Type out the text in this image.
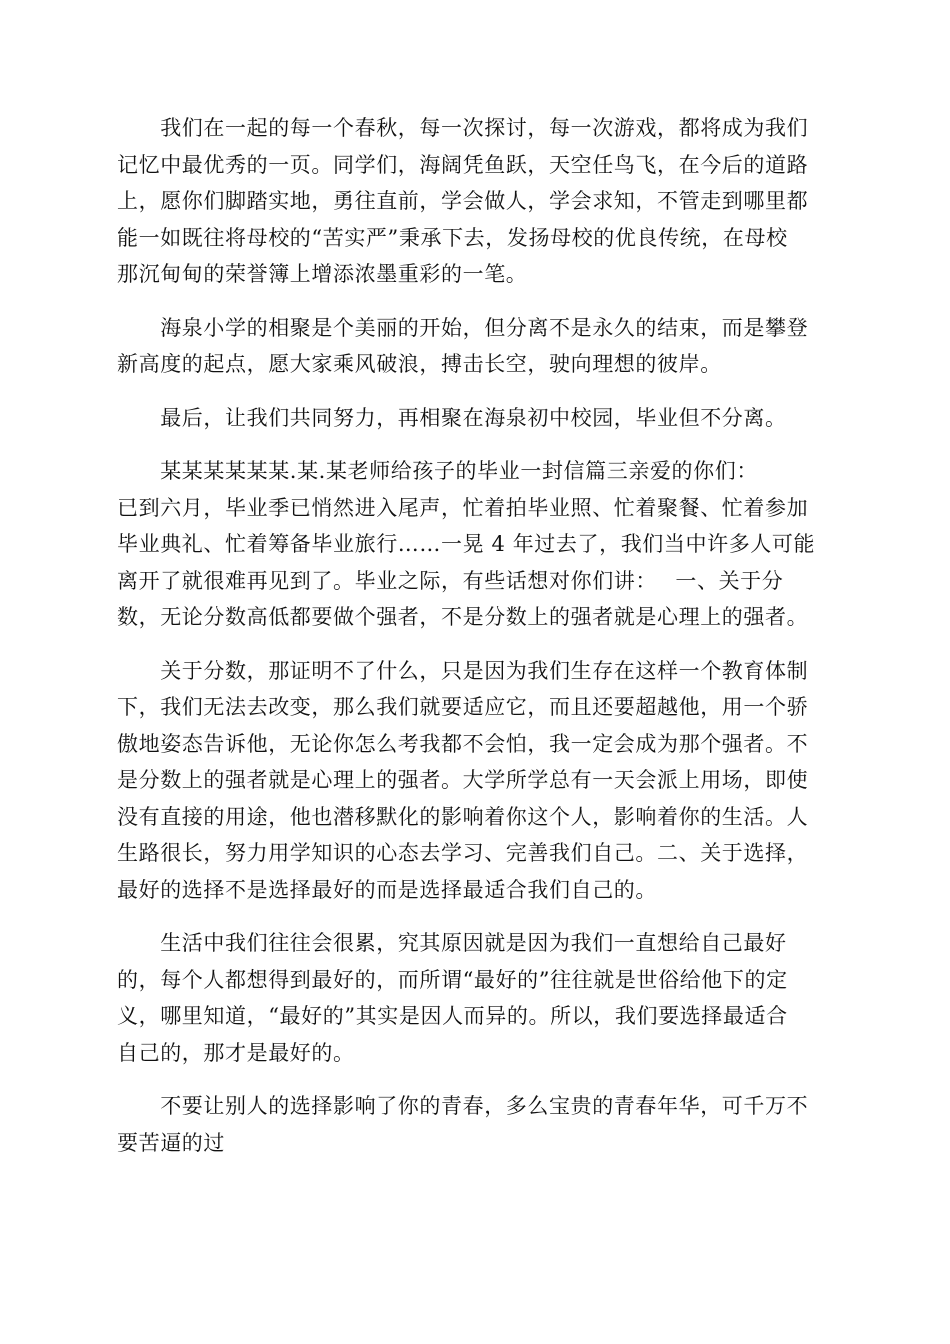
　　我们在一起的每一个春秋，每一次探讨，每一次游戏，都将成为我们
记忆中最优秀的一页。同学们，海阔凭鱼跃，天空任鸟飞，在今后的道路
上，愿你们脚踏实地，勇往直前，学会做人，学会求知，不管走到哪里都
能一如既往将母校的“苦实严”秉承下去，发扬母校的优良传统，在母校
那沉甸甸的荣誉簿上增添浓墨重彩的一笔。
　　海泉小学的相聚是个美丽的开始，但分离不是永久的结束，而是攀登
新高度的起点，愿大家乘风破浪，搏击长空，驶向理想的彼岸。
　　最后，让我们共同努力，再相聚在海泉初中校园，毕业但不分离。
　　某某某某某某.某.某老师给孩子的毕业一封信篇三亲爱的你们：
已到六月，毕业季已悄然进入尾声，忙着拍毕业照、忙着聚餐、忙着参加
毕业典礼、忙着筹备毕业旅行……一晃 4 年过去了，我们当中许多人可能
离开了就很难再见到了。毕业之际，有些话想对你们讲：　 一、关于分
数，无论分数高低都要做个强者，不是分数上的强者就是心理上的强者。
　　关于分数，那证明不了什么，只是因为我们生存在这样一个教育体制
下，我们无法去改变，那么我们就要适应它，而且还要超越他，用一个骄
傲地姿态告诉他，无论你怎么考我都不会怕，我一定会成为那个强者。不
是分数上的强者就是心理上的强者。大学所学总有一天会派上用场，即使
没有直接的用途，他也潜移默化的影响着你这个人，影响着你的生活。人
生路很长，努力用学知识的心态去学习、完善我们自己。二、关于选择，
最好的选择不是选择最好的而是选择最适合我们自己的。
　　生活中我们往往会很累，究其原因就是因为我们一直想给自己最好
的，每个人都想得到最好的，而所谓“最好的”往往就是世俗给他下的定
义，哪里知道，“最好的”其实是因人而异的。所以，我们要选择最适合
自己的，那才是最好的。
　　不要让别人的选择影响了你的青春，多么宝贵的青春年华，可千万不
要苦逼的过
